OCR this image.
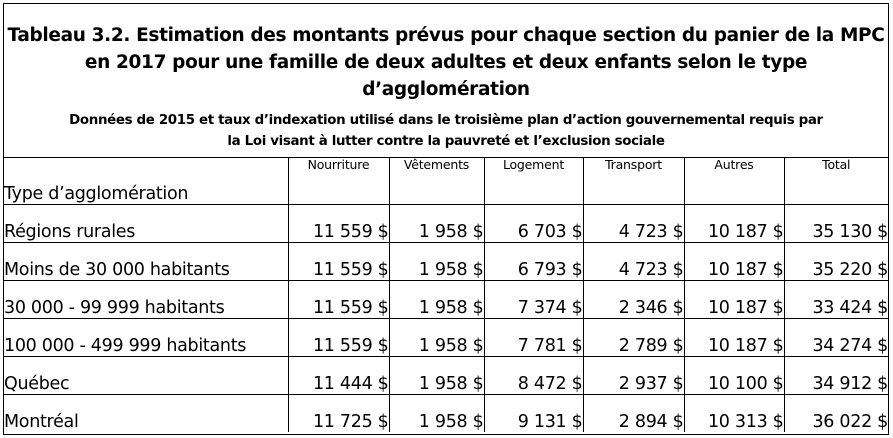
Tableau 3.2. Estimation des montants prévus pour chaque section du panier de la MPC
en 2017 pour une famille de deux adultes et deux enfants selon le type
d’agglomération
Données de 2015 et taux d’indexation utilisé dans le troisième plan d’action gouvernemental requis par
la Loi visant à lutter contre la pauvreté et l’exclusion sociale
Type d’agglomération	Nourriture	Vêtements	Logement	Transport	Autres	Total
Régions rurales	11 559 $	1 958 $	6 703 $	4 723 $	10 187 $	35 130 $
Moins de 30 000 habitants	11 559 $	1 958 $	6 793 $	4 723 $	10 187 $	35 220 $
30 000 - 99 999 habitants	11 559 $	1 958 $	7 374 $	2 346 $	10 187 $	33 424 $
100 000 - 499 999 habitants	11 559 $	1 958 $	7 781 $	2 789 $	10 187 $	34 274 $
Québec	11 444 $	1 958 $	8 472 $	2 937 $	10 100 $	34 912 $
Montréal	11 725 $	1 958 $	9 131 $	2 894 $	10 313 $	36 022 $
